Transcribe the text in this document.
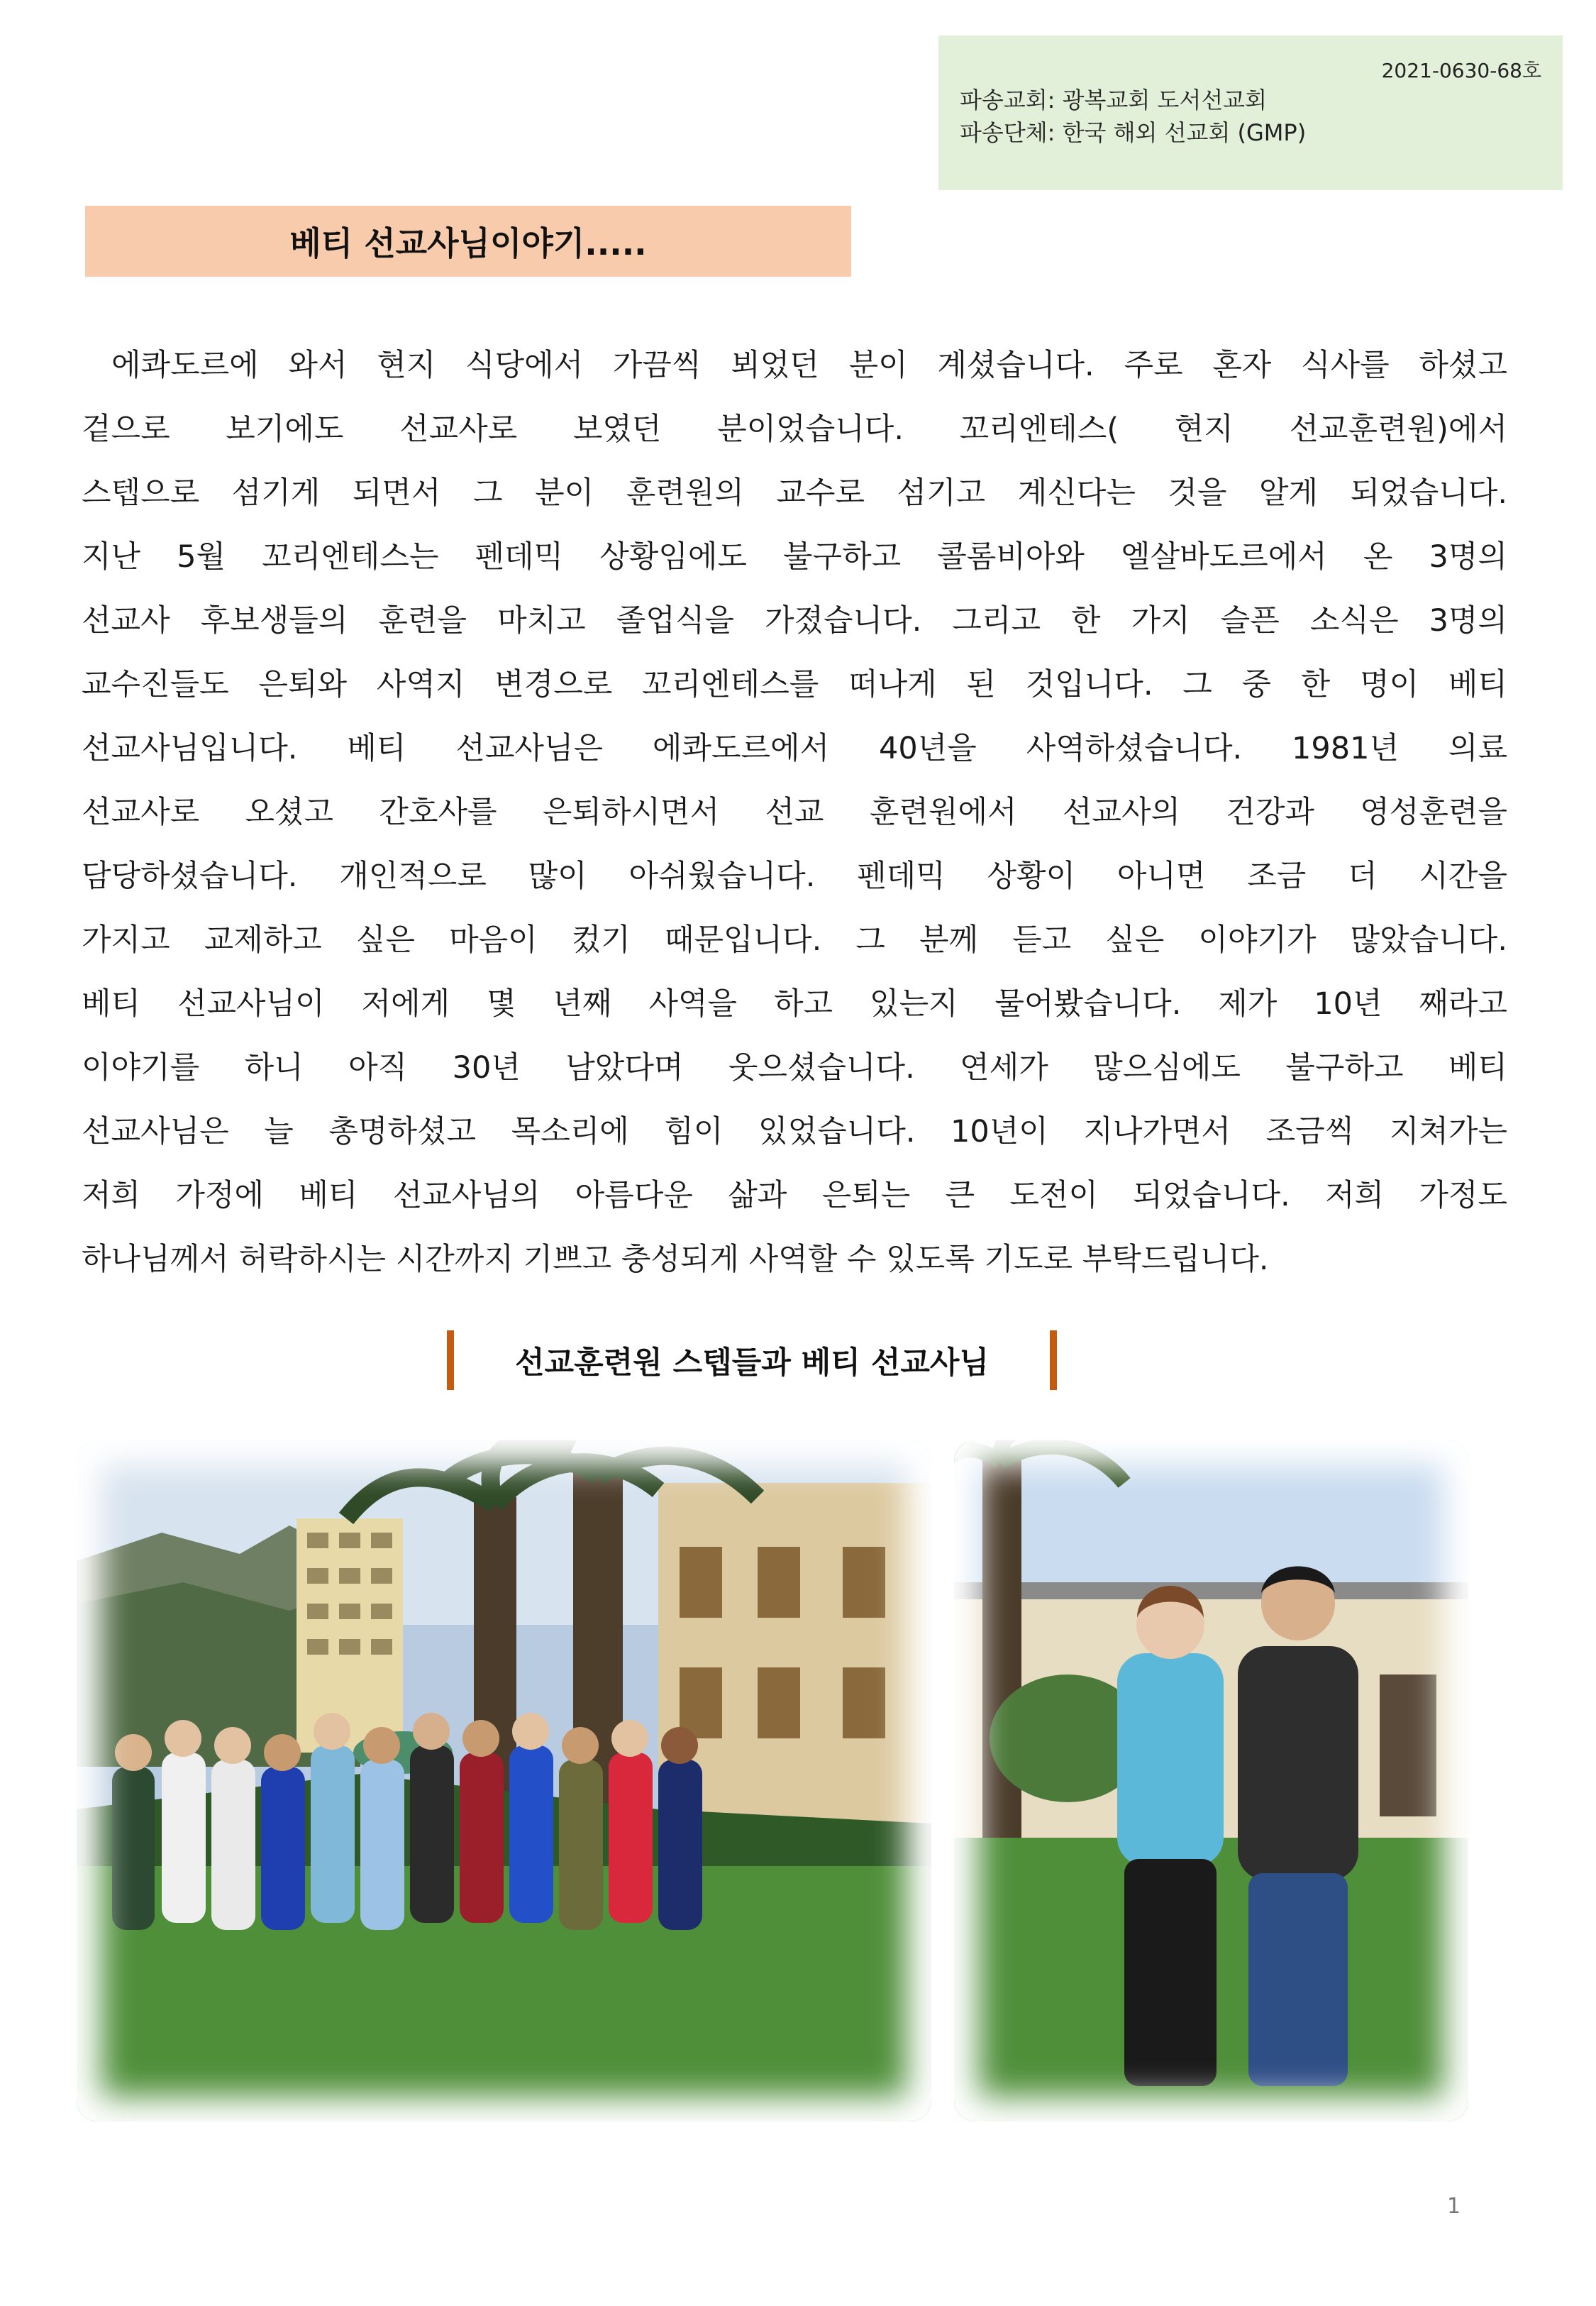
2021-0630-68호
파송교회: 광복교회 도서선교회
파송단체: 한국 해외 선교회 (GMP)
베티 선교사님이야기.....
에콰도르에 와서 현지 식당에서 가끔씩 뵈었던 분이 계셨습니다. 주로 혼자 식사를 하셨고
겉으로 보기에도 선교사로 보였던 분이었습니다. 꼬리엔테스( 현지 선교훈련원)에서
스텝으로 섬기게 되면서 그 분이 훈련원의 교수로 섬기고 계신다는 것을 알게 되었습니다.
지난 5월 꼬리엔테스는 펜데믹 상황임에도 불구하고 콜롬비아와 엘살바도르에서 온 3명의
선교사 후보생들의 훈련을 마치고 졸업식을 가졌습니다. 그리고 한 가지 슬픈 소식은 3명의
교수진들도 은퇴와 사역지 변경으로 꼬리엔테스를 떠나게 된 것입니다. 그 중 한 명이 베티
선교사님입니다. 베티 선교사님은 에콰도르에서 40년을 사역하셨습니다. 1981년 의료
선교사로 오셨고 간호사를 은퇴하시면서 선교 훈련원에서 선교사의 건강과 영성훈련을
담당하셨습니다. 개인적으로 많이 아쉬웠습니다. 펜데믹 상황이 아니면 조금 더 시간을
가지고 교제하고 싶은 마음이 컸기 때문입니다. 그 분께 듣고 싶은 이야기가 많았습니다.
베티 선교사님이 저에게 몇 년째 사역을 하고 있는지 물어봤습니다. 제가 10년 째라고
이야기를 하니 아직 30년 남았다며 웃으셨습니다. 연세가 많으심에도 불구하고 베티
선교사님은 늘 총명하셨고 목소리에 힘이 있었습니다. 10년이 지나가면서 조금씩 지쳐가는
저희 가정에 베티 선교사님의 아름다운 삶과 은퇴는 큰 도전이 되었습니다. 저희 가정도
하나님께서 허락하시는 시간까지 기쁘고 충성되게 사역할 수 있도록 기도로 부탁드립니다.
선교훈련원 스텝들과 베티 선교사님
1
